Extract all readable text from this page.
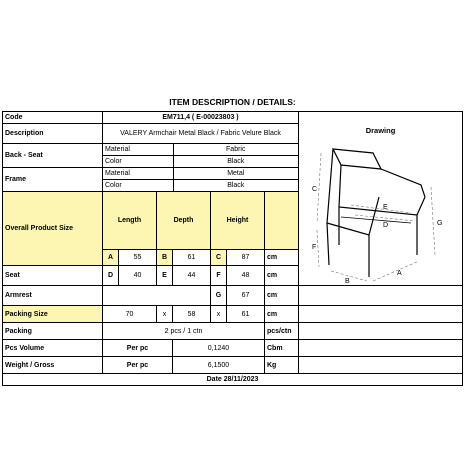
ITEM DESCRIPTION / DETAILS:
Code	EM711,4 ( E-00023803 )	
Drawing
C
F
G
E
D
B
A

Description	VALERY Armchair Metal Black / Fabric Velure Black
Back - Seat	
Material	Fabric
Color	Black

Frame	
Material	Metal
Color	Black

Overall Product Size	Length	Depth	Height	
A	55	B	61	C	87	cm
Seat	D	40	E	44	F	48	cm
Armrest		G	67	cm	
Packing Size	70	x	58	x	61	cm	
Packing	2 pcs / 1 ctn	pcs/ctn	
Pcs Volume	Per pc	0,1240	Cbm	
Weight / Gross	Per pc	6,1500	Kg	
Date 28/11/2023
